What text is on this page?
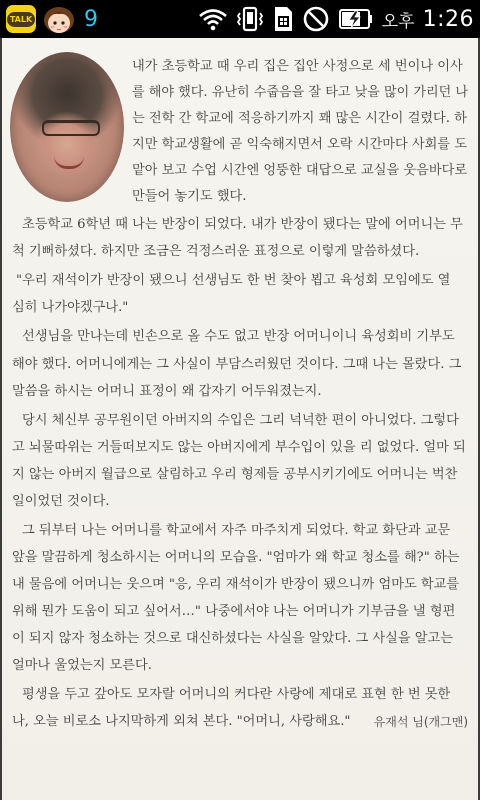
TALK 9	오후 1:26
내가 초등학교 때 우리 집은 집안 사정으로 세 번이나 이사
를 해야 했다. 유난히 수줍음을 잘 타고 낮을 많이 가리던 나
는 전학 간 학교에 적응하기까지 꽤 많은 시간이 걸렸다. 하
지만 학교생활에 곧 익숙해지면서 오락 시간마다 사회를 도
맡아 보고 수업 시간엔 엉뚱한 대답으로 교실을 웃음바다로
만들어 놓기도 했다.
초등학교 6학년 때 나는 반장이 되었다. 내가 반장이 됐다는 말에 어머니는 무
척 기뻐하셨다. 하지만 조금은 걱정스러운 표정으로 이렇게 말씀하셨다.
"우리 재석이가 반장이 됐으니 선생님도 한 번 찾아 뵙고 육성회 모임에도 열
심히 나가야겠구나."
선생님을 만나는데 빈손으로 올 수도 없고 반장 어머니이니 육성회비 기부도
해야 했다. 어머니에게는 그 사실이 부담스러웠던 것이다. 그때 나는 몰랐다. 그
말씀을 하시는 어머니 표정이 왜 갑자기 어두워졌는지.
당시 체신부 공무원이던 아버지의 수입은 그리 넉넉한 편이 아니었다. 그렇다
고 뇌물따위는 거들떠보지도 않는 아버지에게 부수입이 있을 리 없었다. 얼마 되
지 않는 아버지 월급으로 살림하고 우리 형제들 공부시키기에도 어머니는 벅찬
일이었던 것이다.
그 뒤부터 나는 어머니를 학교에서 자주 마주치게 되었다. 학교 화단과 교문
앞을 말끔하게 청소하시는 어머니의 모습을. "엄마가 왜 학교 청소를 해?" 하는
내 물음에 어머니는 웃으며 "응, 우리 재석이가 반장이 됐으니까 엄마도 학교를
위해 뭔가 도움이 되고 싶어서…" 나중에서야 나는 어머니가 기부금을 낼 형편
이 되지 않자 청소하는 것으로 대신하셨다는 사실을 알았다. 그 사실을 알고는
얼마나 울었는지 모른다.
평생을 두고 갚아도 모자랄 어머니의 커다란 사랑에 제대로 표현 한 번 못한
나, 오늘 비로소 나지막하게 외쳐 본다. "어머니, 사랑해요." 유재석 님(개그맨)
